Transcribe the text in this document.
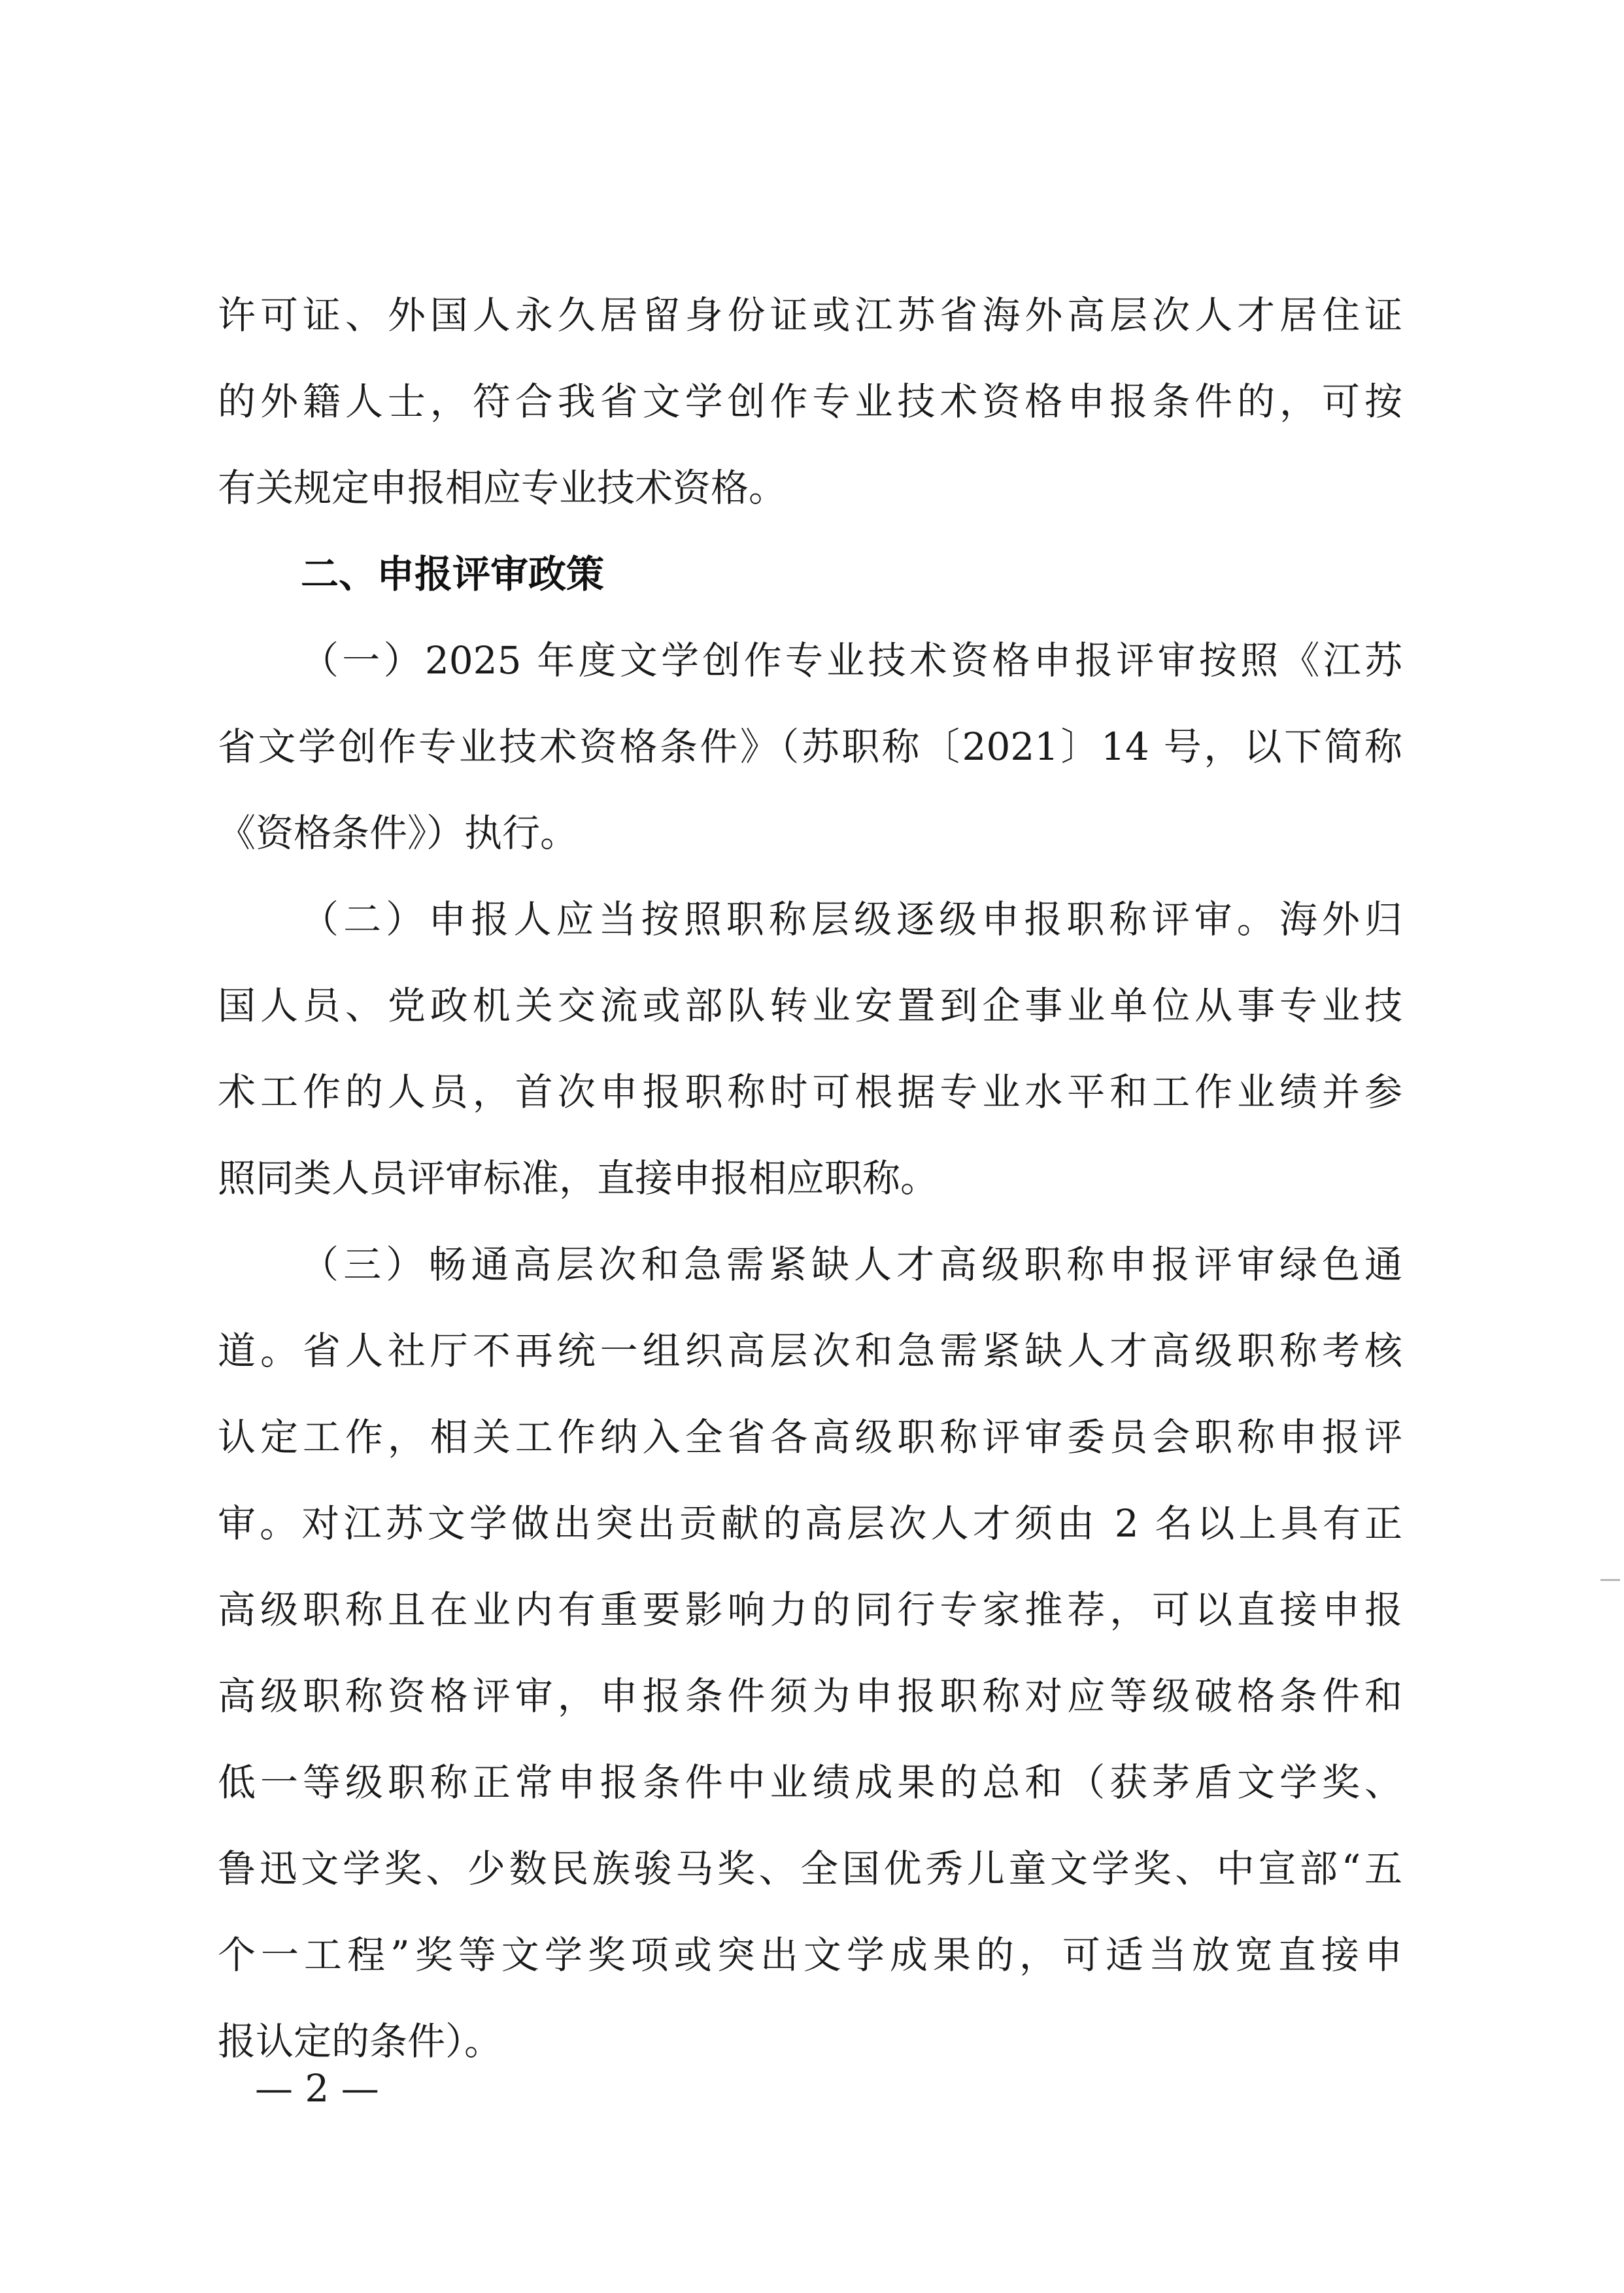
许可证、外国人永久居留身份证或江苏省海外高层次人才居住证
的外籍人士，符合我省文学创作专业技术资格申报条件的，可按
有关规定申报相应专业技术资格。
二、申报评审政策
（一）2025 年度文学创作专业技术资格申报评审按照《江苏
省文学创作专业技术资格条件》（苏职称〔2021〕14 号，以下简称
《资格条件》）执行。
（二）申报人应当按照职称层级逐级申报职称评审。海外归
国人员、党政机关交流或部队转业安置到企事业单位从事专业技
术工作的人员，首次申报职称时可根据专业水平和工作业绩并参
照同类人员评审标准，直接申报相应职称。
（三）畅通高层次和急需紧缺人才高级职称申报评审绿色通
道。省人社厅不再统一组织高层次和急需紧缺人才高级职称考核
认定工作，相关工作纳入全省各高级职称评审委员会职称申报评
审。对江苏文学做出突出贡献的高层次人才须由 2 名以上具有正
高级职称且在业内有重要影响力的同行专家推荐，可以直接申报
高级职称资格评审，申报条件须为申报职称对应等级破格条件和
低一等级职称正常申报条件中业绩成果的总和（获茅盾文学奖、
鲁迅文学奖、少数民族骏马奖、全国优秀儿童文学奖、中宣部“五
个一工程”奖等文学奖项或突出文学成果的，可适当放宽直接申
报认定的条件）。
— 2 —
